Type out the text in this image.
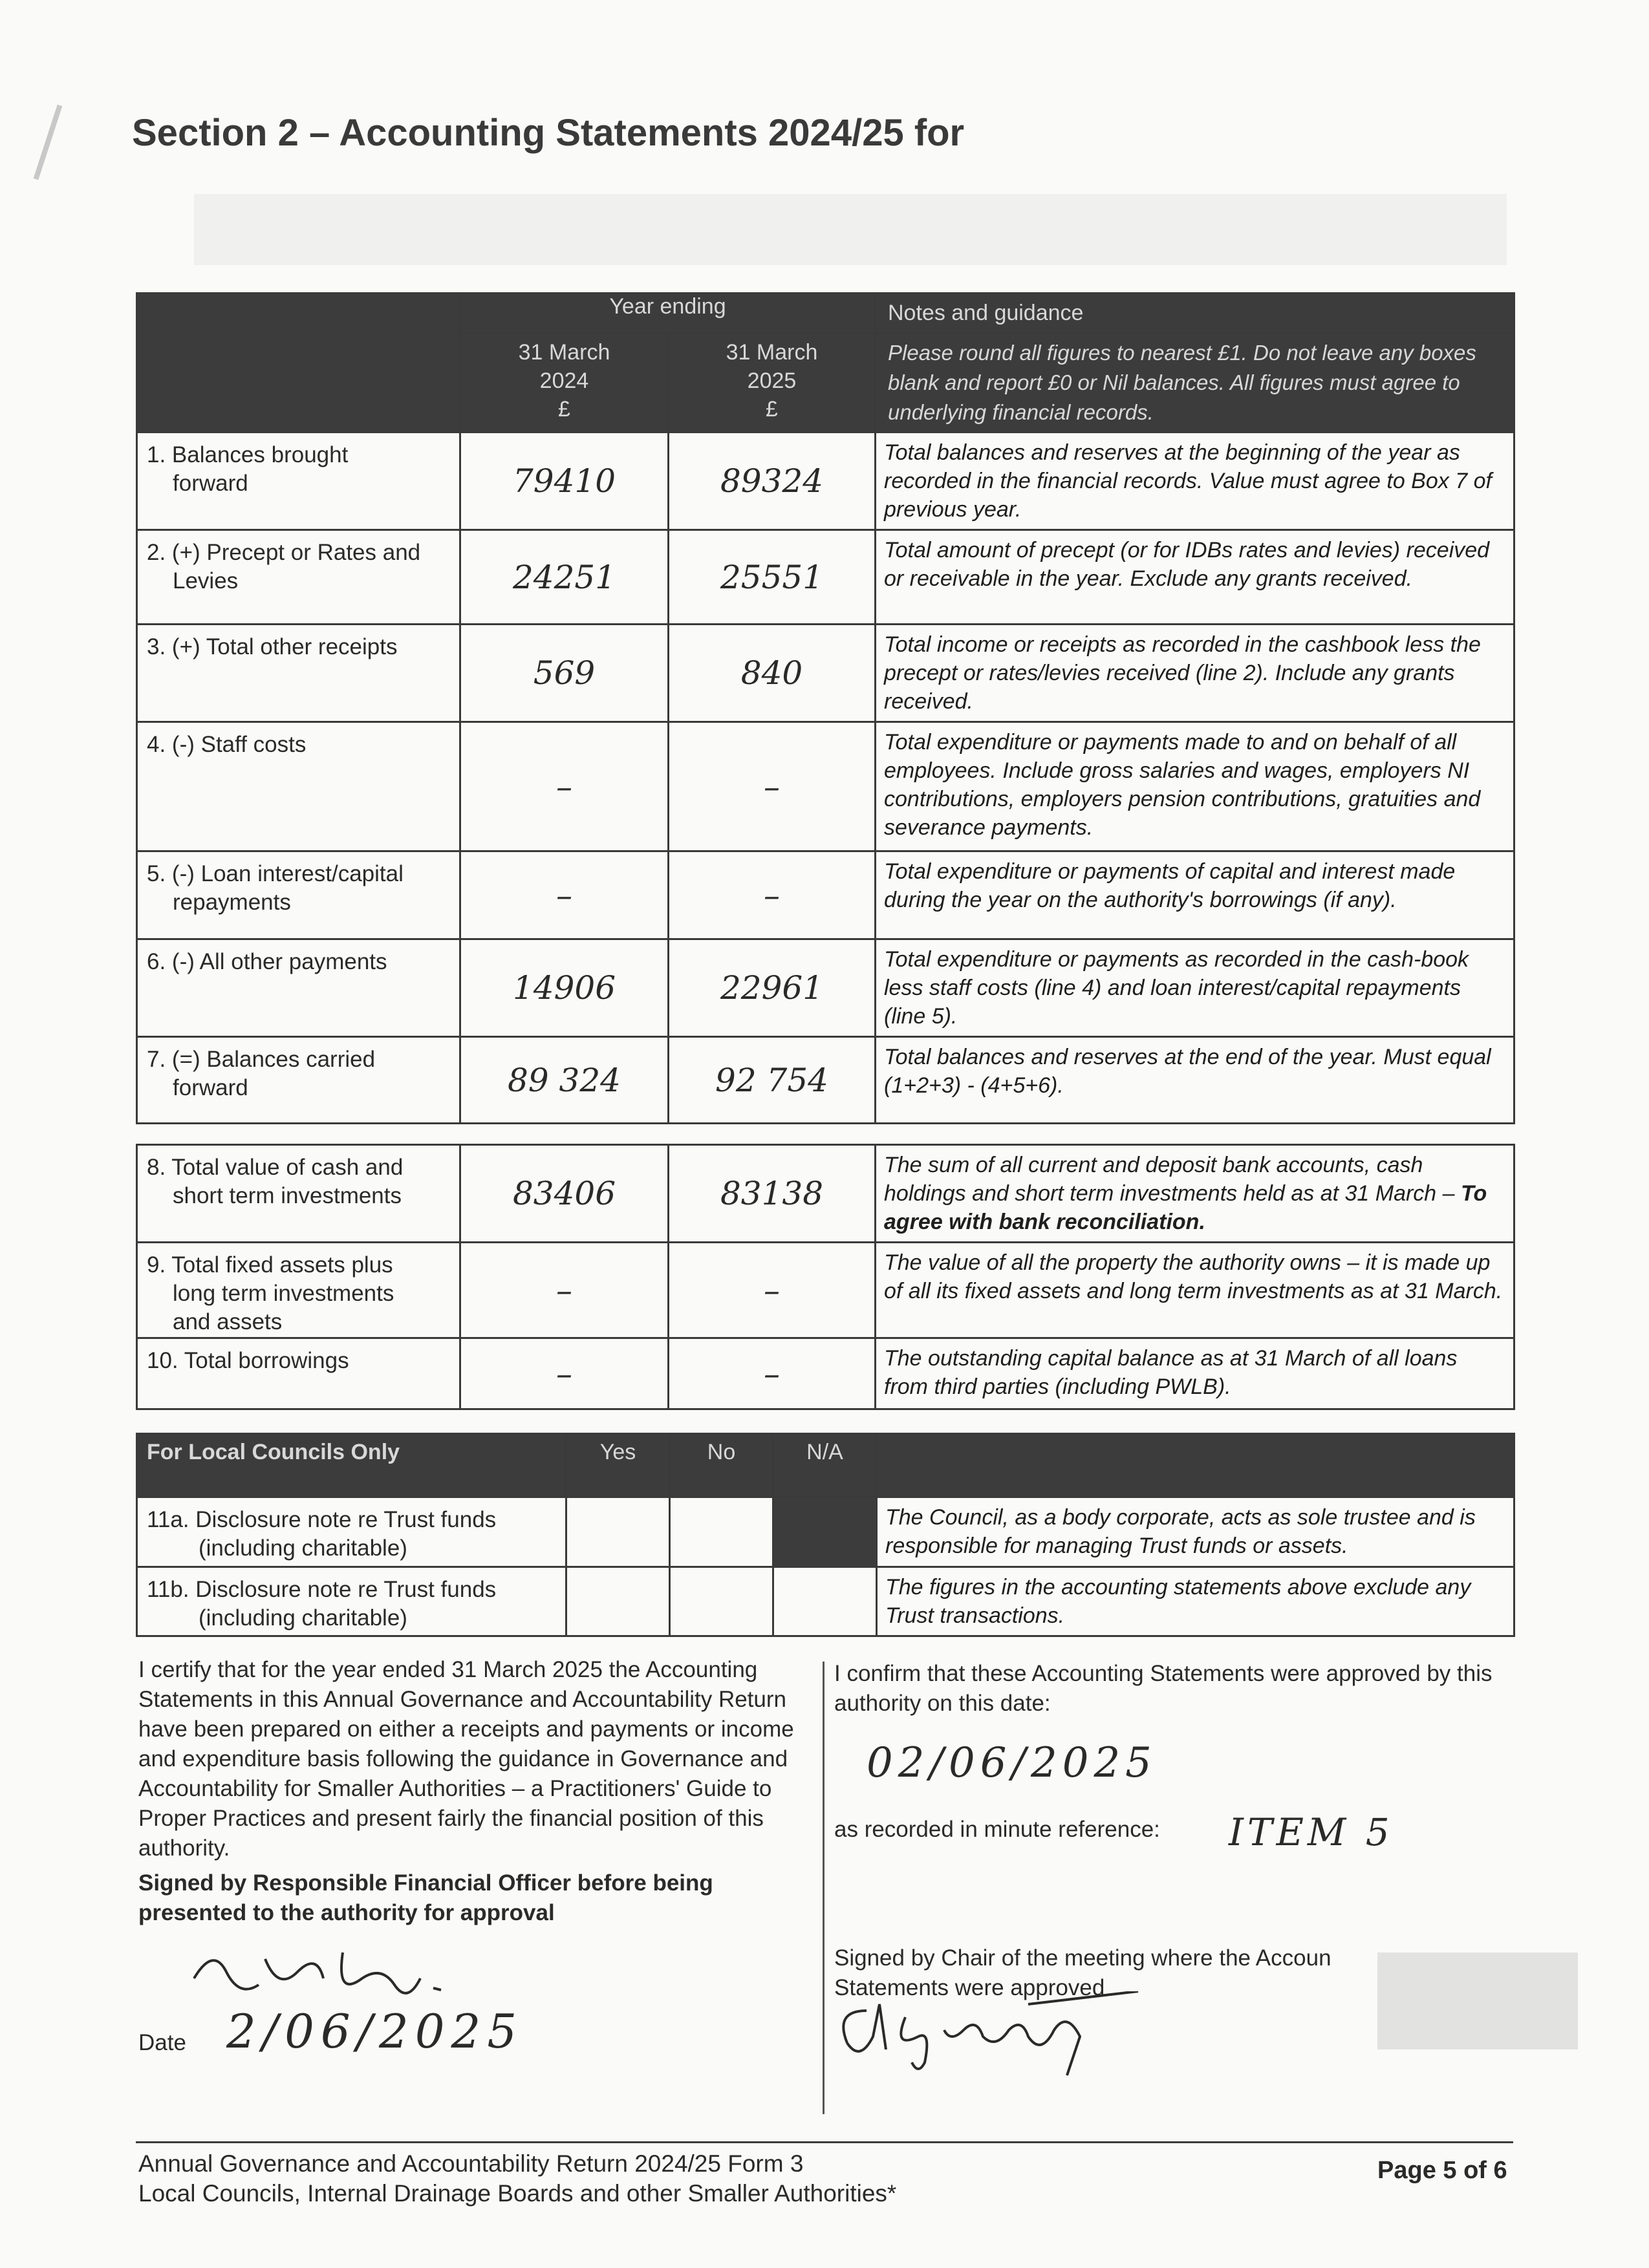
Section 2 – Accounting Statements 2024/25 for
	Year ending		Notes and guidance
	31 March
2024
£	31 March
2025
£	Please round all figures to nearest £1. Do not leave any boxes blank and report £0 or Nil balances. All figures must agree to underlying financial records.
1. Balances brought
forward	79410	89324	Total balances and reserves at the beginning of the year as recorded in the financial records. Value must agree to Box 7 of previous year.
2. (+) Precept or Rates and
Levies	24251	25551	Total amount of precept (or for IDBs rates and levies) received or receivable in the year. Exclude any grants received.
3. (+) Total other receipts	569	840	Total income or receipts as recorded in the cashbook less the precept or rates/levies received (line 2). Include any grants received.
4. (-) Staff costs	–	–	Total expenditure or payments made to and on behalf of all employees. Include gross salaries and wages, employers NI contributions, employers pension contributions, gratuities and severance payments.
5. (-) Loan interest/capital
repayments	–	–	Total expenditure or payments of capital and interest made during the year on the authority's borrowings (if any).
6. (-) All other payments	14906	22961	Total expenditure or payments as recorded in the cash-book less staff costs (line 4) and loan interest/capital repayments (line 5).
7. (=) Balances carried
forward	89 324	92 754	Total balances and reserves at the end of the year. Must equal (1+2+3) - (4+5+6).

8. Total value of cash and
short term investments	83406	83138	The sum of all current and deposit bank accounts, cash holdings and short term investments held as at 31 March – To agree with bank reconciliation.
9. Total fixed assets plus
long term investments
and assets	–	–	The value of all the property the authority owns – it is made up of all its fixed assets and long term investments as at 31 March.
10. Total borrowings	–	–	The outstanding capital balance as at 31 March of all loans from third parties (including PWLB).
For Local Councils Only	Yes	No	N/A	
11a. Disclosure note re Trust funds
(including charitable)				The Council, as a body corporate, acts as sole trustee and is responsible for managing Trust funds or assets.
11b. Disclosure note re Trust funds
(including charitable)				The figures in the accounting statements above exclude any Trust transactions.
I certify that for the year ended 31 March 2025 the Accounting Statements in this Annual Governance and Accountability Return have been prepared on either a receipts and payments or income and expenditure basis following the guidance in Governance and Accountability for Smaller Authorities – a Practitioners' Guide to Proper Practices and present fairly the financial position of this authority.
Signed by Responsible Financial Officer before being presented to the authority for approval
Date 2/06/2025
I confirm that these Accounting Statements were approved by this authority on this date:
02/06/2025
as recorded in minute reference: ITEM 5
Signed by Chair of the meeting where the Accoun Statements were approved
Annual Governance and Accountability Return 2024/25 Form 3
Local Councils, Internal Drainage Boards and other Smaller Authorities*
Page 5 of 6
